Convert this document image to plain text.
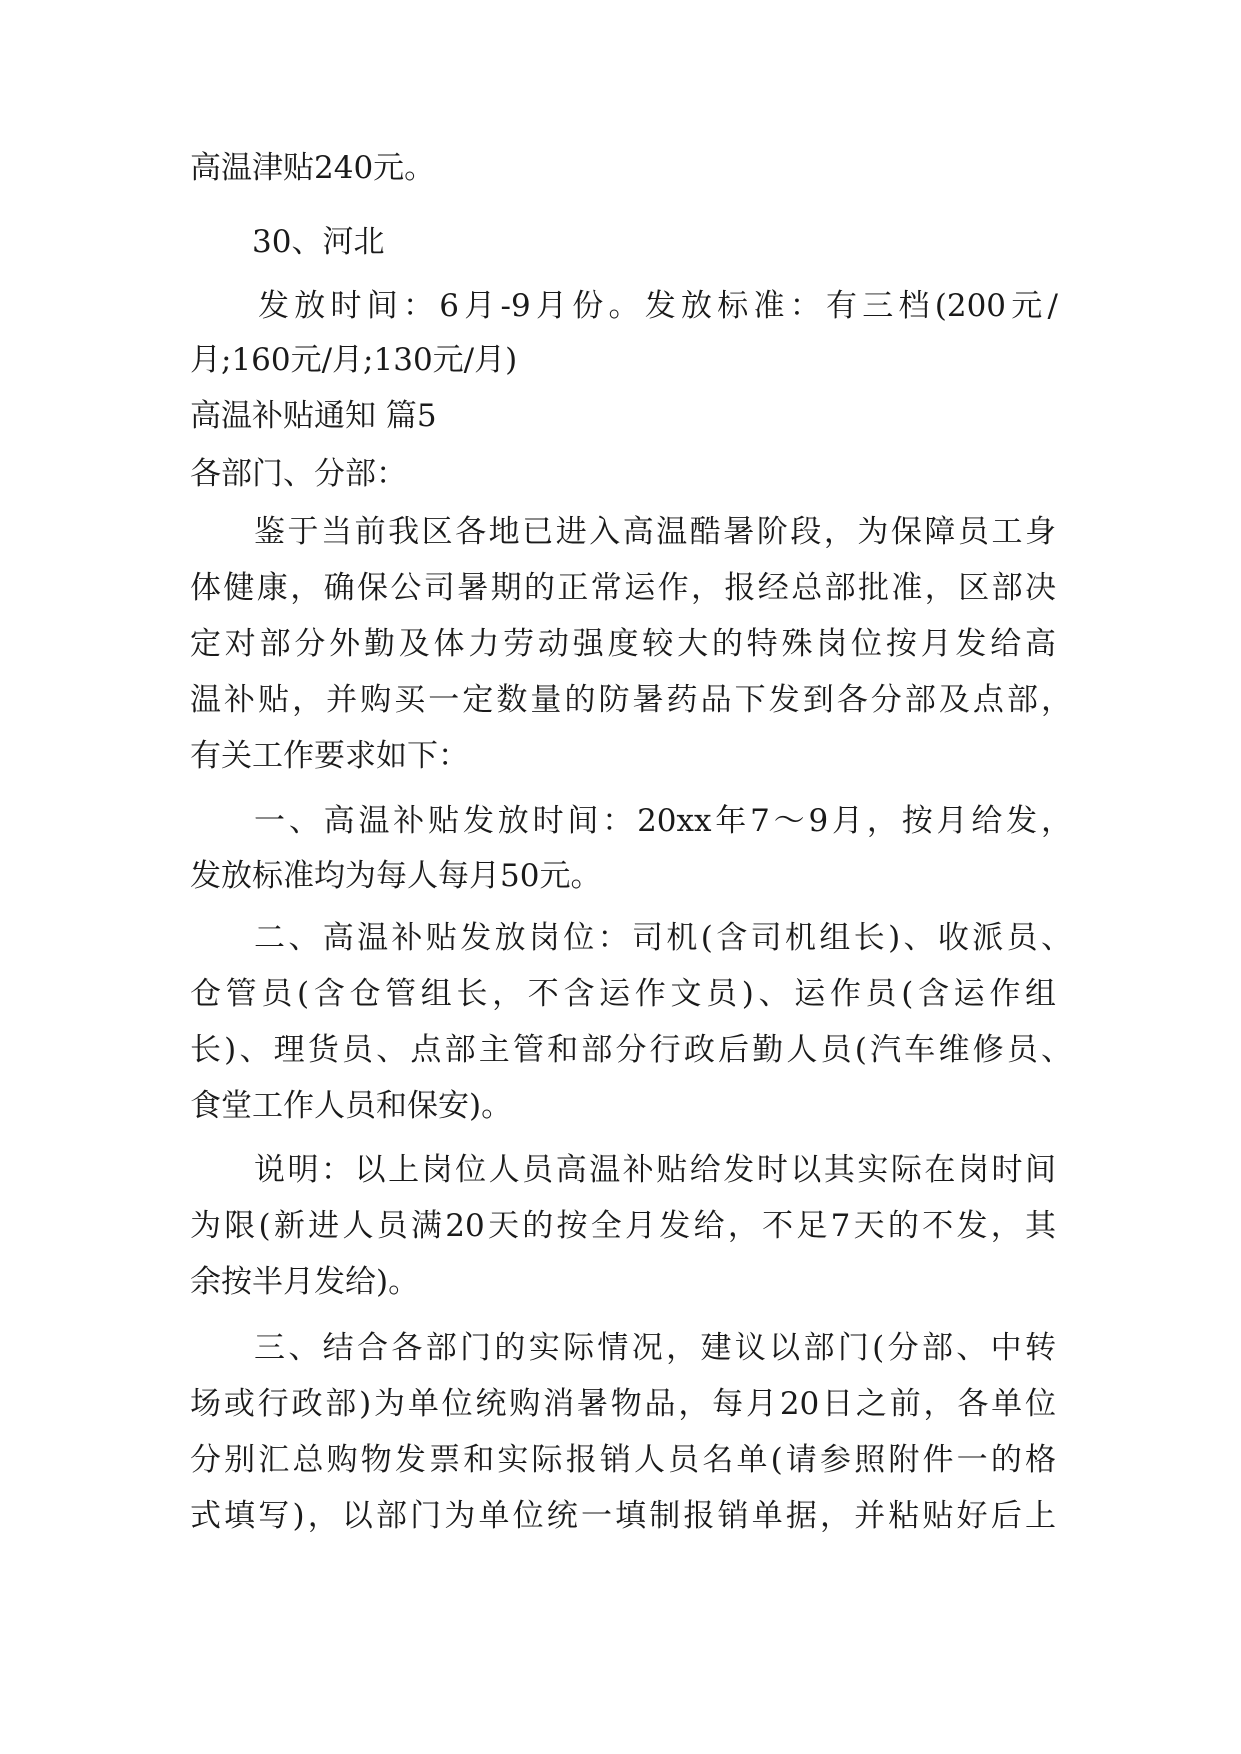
高温津贴240元。
30、河北
发放时间：6月-9月份。发放标准：有三档(200元/
月;160元/月;130元/月)
高温补贴通知 篇5
各部门、分部：
鉴于当前我区各地已进入高温酷暑阶段，为保障员工身
体健康，确保公司暑期的正常运作，报经总部批准，区部决
定对部分外勤及体力劳动强度较大的特殊岗位按月发给高
温补贴，并购买一定数量的防暑药品下发到各分部及点部，
有关工作要求如下：
一、高温补贴发放时间：20xx年7～9月，按月给发，
发放标准均为每人每月50元。
二、高温补贴发放岗位：司机(含司机组长)、收派员、
仓管员(含仓管组长，不含运作文员)、运作员(含运作组
长)、理货员、点部主管和部分行政后勤人员(汽车维修员、
食堂工作人员和保安)。
说明：以上岗位人员高温补贴给发时以其实际在岗时间
为限(新进人员满20天的按全月发给，不足7天的不发，其
余按半月发给)。
三、结合各部门的实际情况，建议以部门(分部、中转
场或行政部)为单位统购消暑物品，每月20日之前，各单位
分别汇总购物发票和实际报销人员名单(请参照附件一的格
式填写)，以部门为单位统一填制报销单据，并粘贴好后上
